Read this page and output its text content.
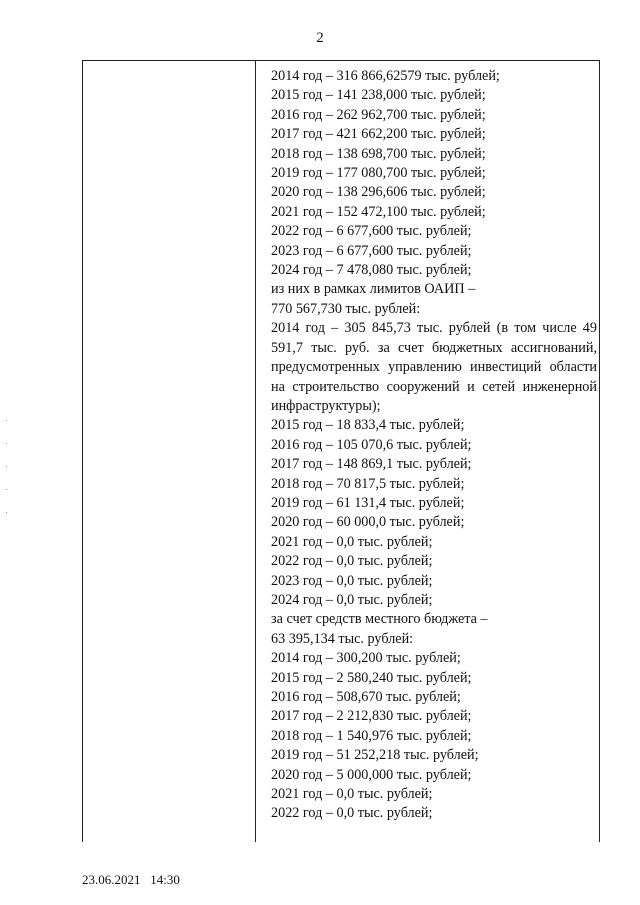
2
2014 год – 316 866,62579 тыс. рублей;
2015 год – 141 238,000 тыс. рублей;
2016 год – 262 962,700 тыс. рублей;
2017 год – 421 662,200 тыс. рублей;
2018 год – 138 698,700 тыс. рублей;
2019 год – 177 080,700 тыс. рублей;
2020 год – 138 296,606 тыс. рублей;
2021 год – 152 472,100 тыс. рублей;
2022 год – 6 677,600 тыс. рублей;
2023 год – 6 677,600 тыс. рублей;
2024 год – 7 478,080 тыс. рублей;
из них в рамках лимитов ОАИП –
770 567,730 тыс. рублей:
2014 год – 305 845,73 тыс. рублей (в том числе 49 591,7 тыс. руб. за счет бюджетных ассигнований, предусмотренных управлению инвестиций области на строительство сооружений и сетей инженерной инфраструктуры);
2015 год – 18 833,4 тыс. рублей;
2016 год – 105 070,6 тыс. рублей;
2017 год – 148 869,1 тыс. рублей;
2018 год – 70 817,5 тыс. рублей;
2019 год – 61 131,4 тыс. рублей;
2020 год – 60 000,0 тыс. рублей;
2021 год – 0,0 тыс. рублей;
2022 год – 0,0 тыс. рублей;
2023 год – 0,0 тыс. рублей;
2024 год – 0,0 тыс. рублей;
за счет средств местного бюджета –
63 395,134 тыс. рублей:
2014 год – 300,200 тыс. рублей;
2015 год – 2 580,240 тыс. рублей;
2016 год – 508,670 тыс. рублей;
2017 год – 2 212,830 тыс. рублей;
2018 год – 1 540,976 тыс. рублей;
2019 год – 51 252,218 тыс. рублей;
2020 год – 5 000,000 тыс. рублей;
2021 год – 0,0 тыс. рублей;
2022 год – 0,0 тыс. рублей;
23.06.2021 14:30
